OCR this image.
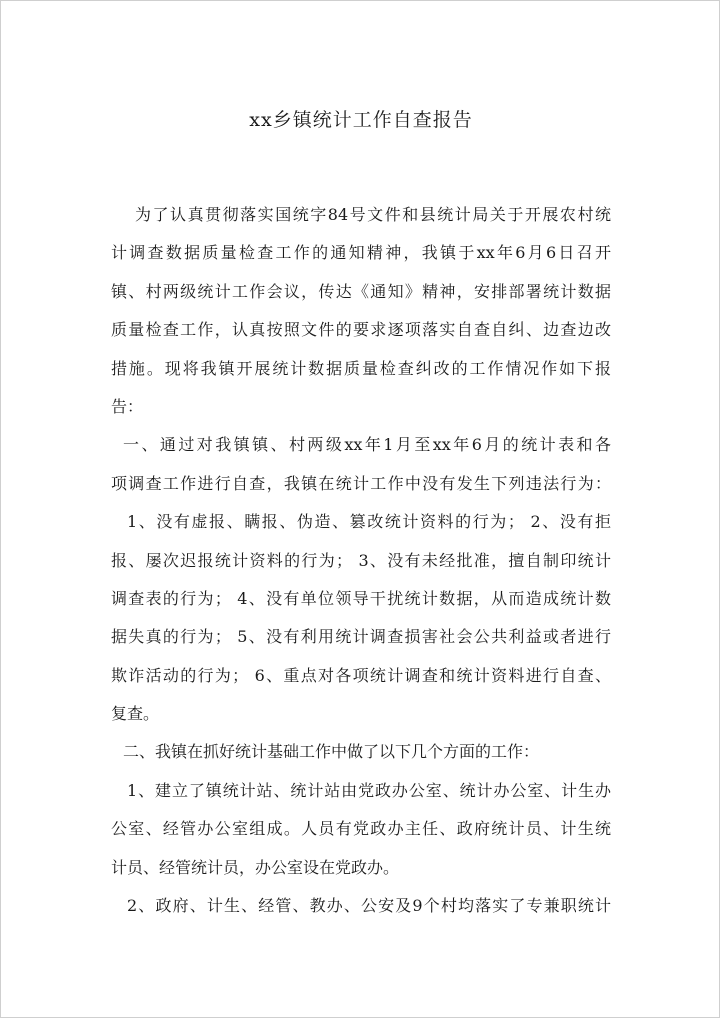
xx乡镇统计工作自查报告
为了认真贯彻落实国统字84号文件和县统计局关于开展农村统
计调查数据质量检查工作的通知精神，我镇于xx年6月6日召开
镇、村两级统计工作会议，传达《通知》精神，安排部署统计数据
质量检查工作，认真按照文件的要求逐项落实自查自纠、边查边改
措施。现将我镇开展统计数据质量检查纠改的工作情况作如下报
告：
一、通过对我镇镇、村两级xx年1月至xx年6月的统计表和各
项调查工作进行自查，我镇在统计工作中没有发生下列违法行为：
1、没有虚报、瞒报、伪造、篡改统计资料的行为； 2、没有拒
报、屡次迟报统计资料的行为； 3、没有未经批准，擅自制印统计
调查表的行为； 4、没有单位领导干扰统计数据，从而造成统计数
据失真的行为； 5、没有利用统计调查损害社会公共利益或者进行
欺诈活动的行为； 6、重点对各项统计调查和统计资料进行自查、
复查。
二、我镇在抓好统计基础工作中做了以下几个方面的工作：
1、建立了镇统计站、统计站由党政办公室、统计办公室、计生办
公室、经管办公室组成。人员有党政办主任、政府统计员、计生统
计员、经管统计员，办公室设在党政办。
2、政府、计生、经管、教办、公安及9个村均落实了专兼职统计
